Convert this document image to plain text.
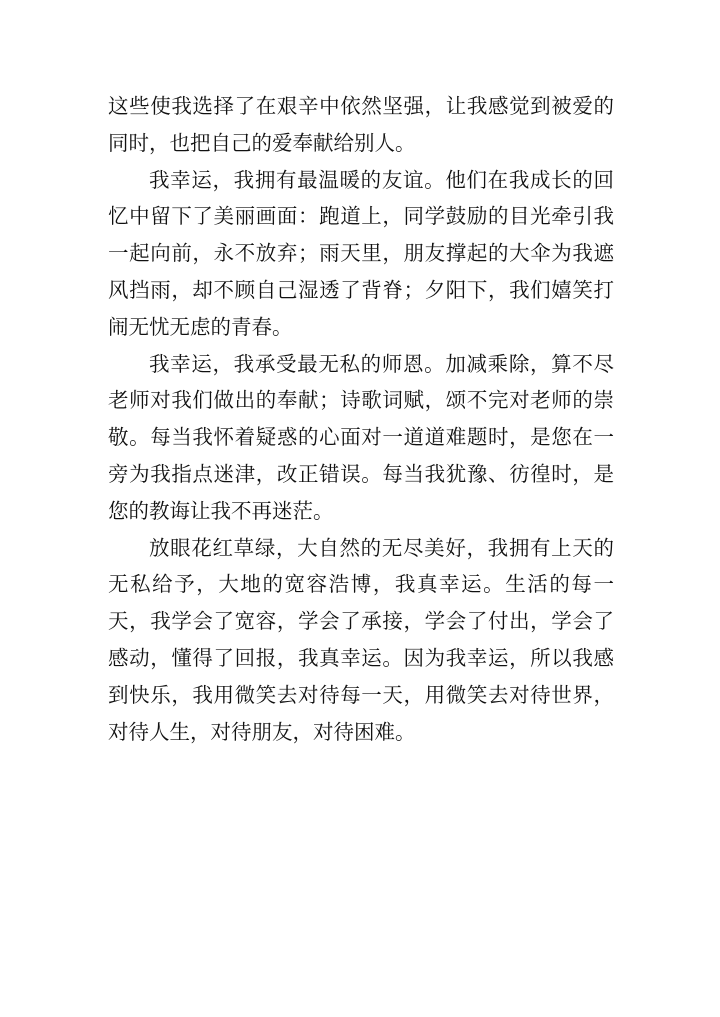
这些使我选择了在艰辛中依然坚强，让我感觉到被爱的同时，也把自己的爱奉献给别人。

我幸运，我拥有最温暖的友谊。他们在我成长的回忆中留下了美丽画面：跑道上，同学鼓励的目光牵引我一起向前，永不放弃；雨天里，朋友撑起的大伞为我遮风挡雨，却不顾自己湿透了背脊；夕阳下，我们嬉笑打闹无忧无虑的青春。

我幸运，我承受最无私的师恩。加减乘除，算不尽老师对我们做出的奉献；诗歌词赋，颂不完对老师的崇敬。每当我怀着疑惑的心面对一道道难题时，是您在一旁为我指点迷津，改正错误。每当我犹豫、彷徨时，是您的教诲让我不再迷茫。

放眼花红草绿，大自然的无尽美好，我拥有上天的无私给予，大地的宽容浩博，我真幸运。生活的每一天，我学会了宽容，学会了承接，学会了付出，学会了感动，懂得了回报，我真幸运。因为我幸运，所以我感到快乐，我用微笑去对待每一天，用微笑去对待世界，对待人生，对待朋友，对待困难。
